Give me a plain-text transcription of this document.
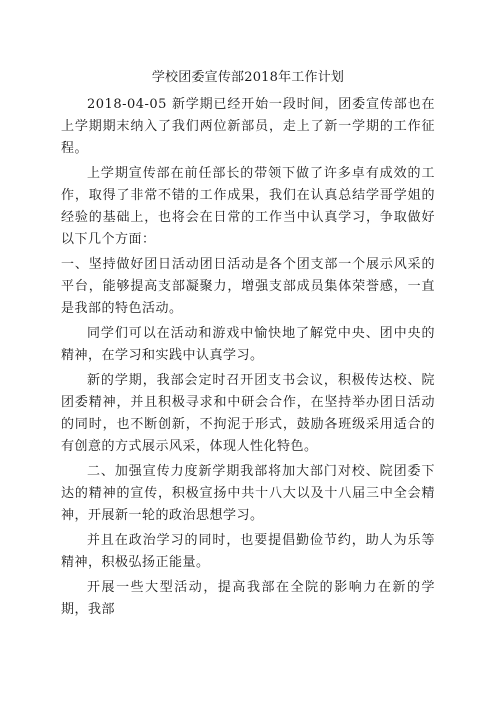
学校团委宣传部2018年工作计划

2018-04-05 新学期已经开始一段时间，团委宣传部也在上学期期末纳入了我们两位新部员，走上了新一学期的工作征程。

上学期宣传部在前任部长的带领下做了许多卓有成效的工作，取得了非常不错的工作成果，我们在认真总结学哥学姐的经验的基础上，也将会在日常的工作当中认真学习，争取做好以下几个方面：

一、坚持做好团日活动团日活动是各个团支部一个展示风采的平台，能够提高支部凝聚力，增强支部成员集体荣誉感，一直是我部的特色活动。

同学们可以在活动和游戏中愉快地了解党中央、团中央的精神，在学习和实践中认真学习。

新的学期，我部会定时召开团支书会议，积极传达校、院团委精神，并且积极寻求和中研会合作，在坚持举办团日活动的同时，也不断创新，不拘泥于形式，鼓励各班级采用适合的有创意的方式展示风采，体现人性化特色。

二、加强宣传力度新学期我部将加大部门对校、院团委下达的精神的宣传，积极宣扬中共十八大以及十八届三中全会精神，开展新一轮的政治思想学习。

并且在政治学习的同时，也要提倡勤俭节约，助人为乐等精神，积极弘扬正能量。

开展一些大型活动，提高我部在全院的影响力在新的学期，我部
